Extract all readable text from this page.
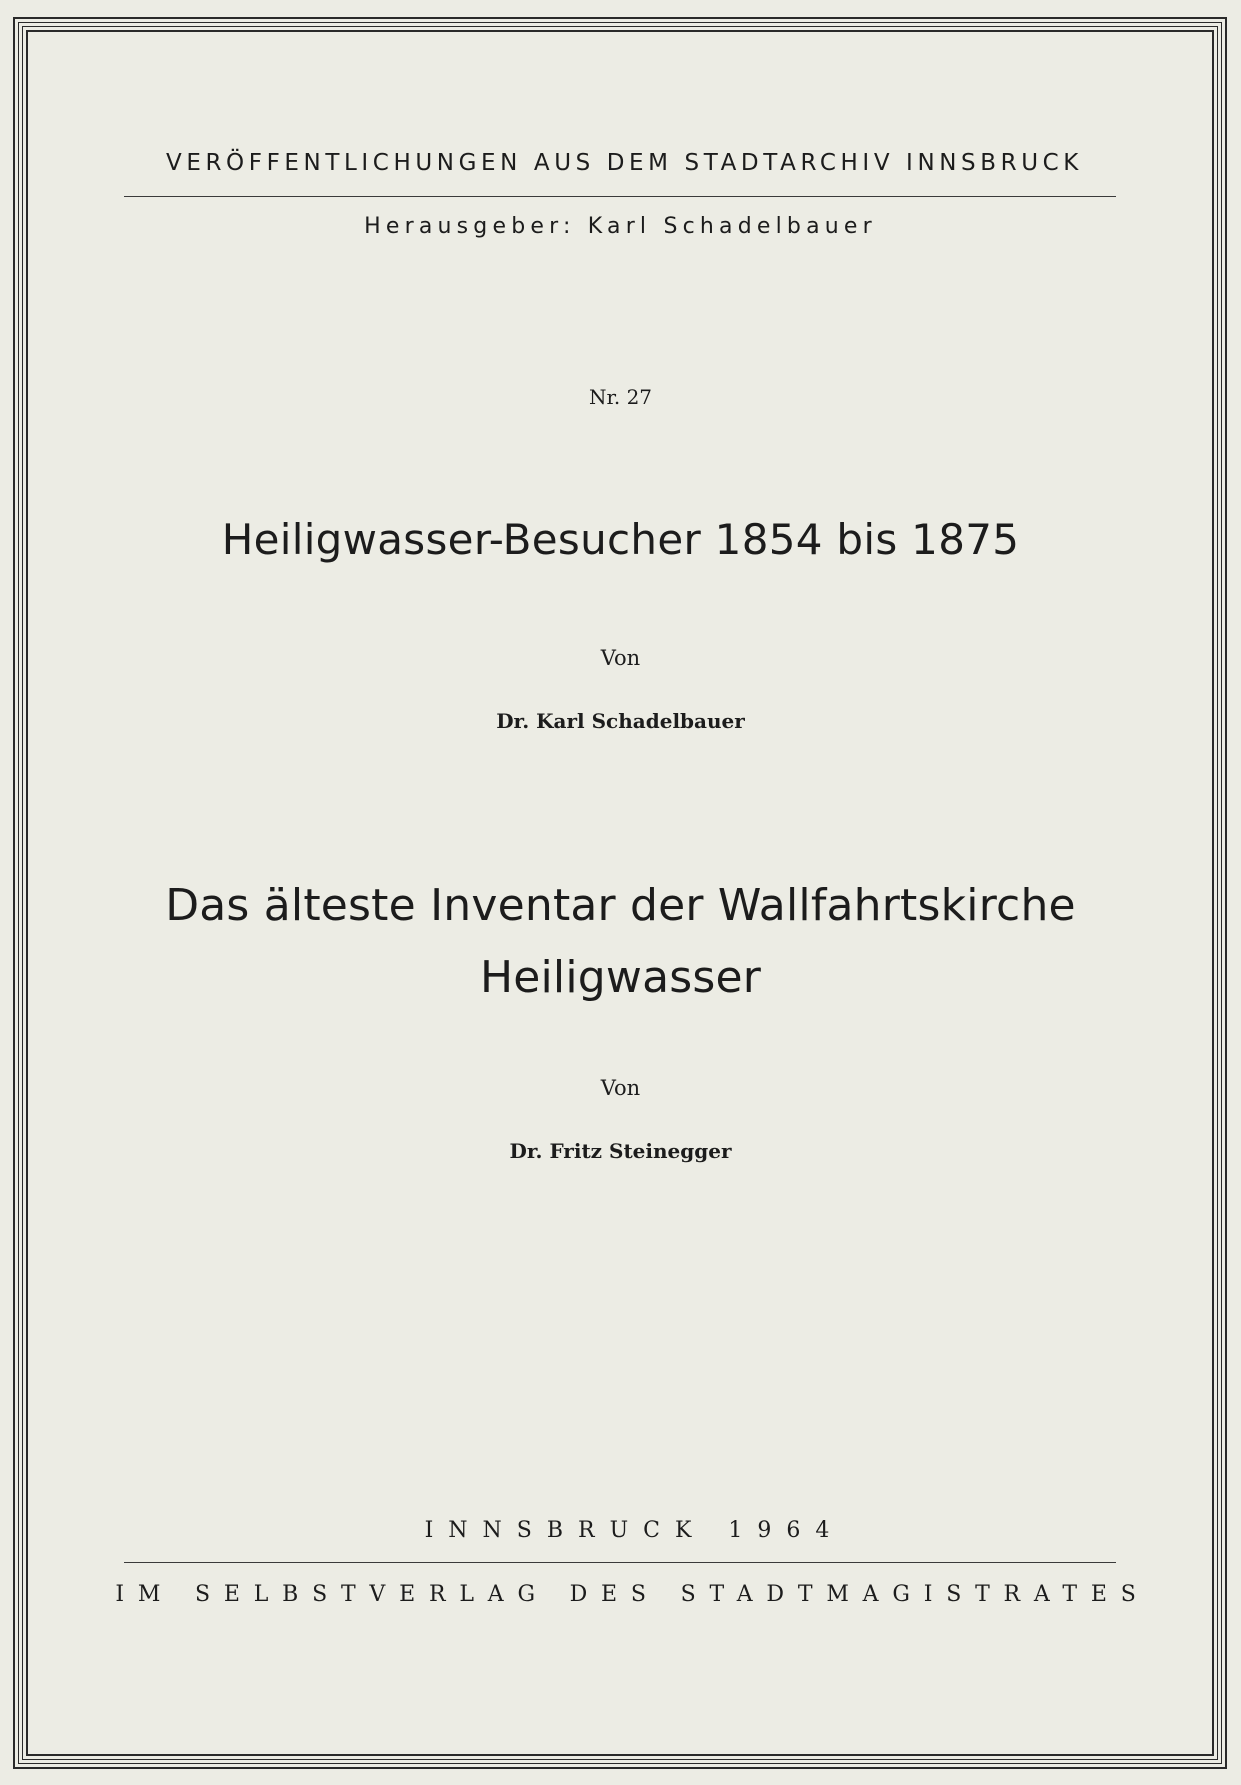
VERÖFFENTLICHUNGEN AUS DEM STADTARCHIV INNSBRUCK
Herausgeber: Karl Schadelbauer
Nr. 27
Heiligwasser-Besucher 1854 bis 1875
Von
Dr. Karl Schadelbauer
Das älteste Inventar der Wallfahrtskirche
Heiligwasser
Von
Dr. Fritz Steinegger
INNSBRUCK 1964
IM SELBSTVERLAG DES STADTMAGISTRATES
